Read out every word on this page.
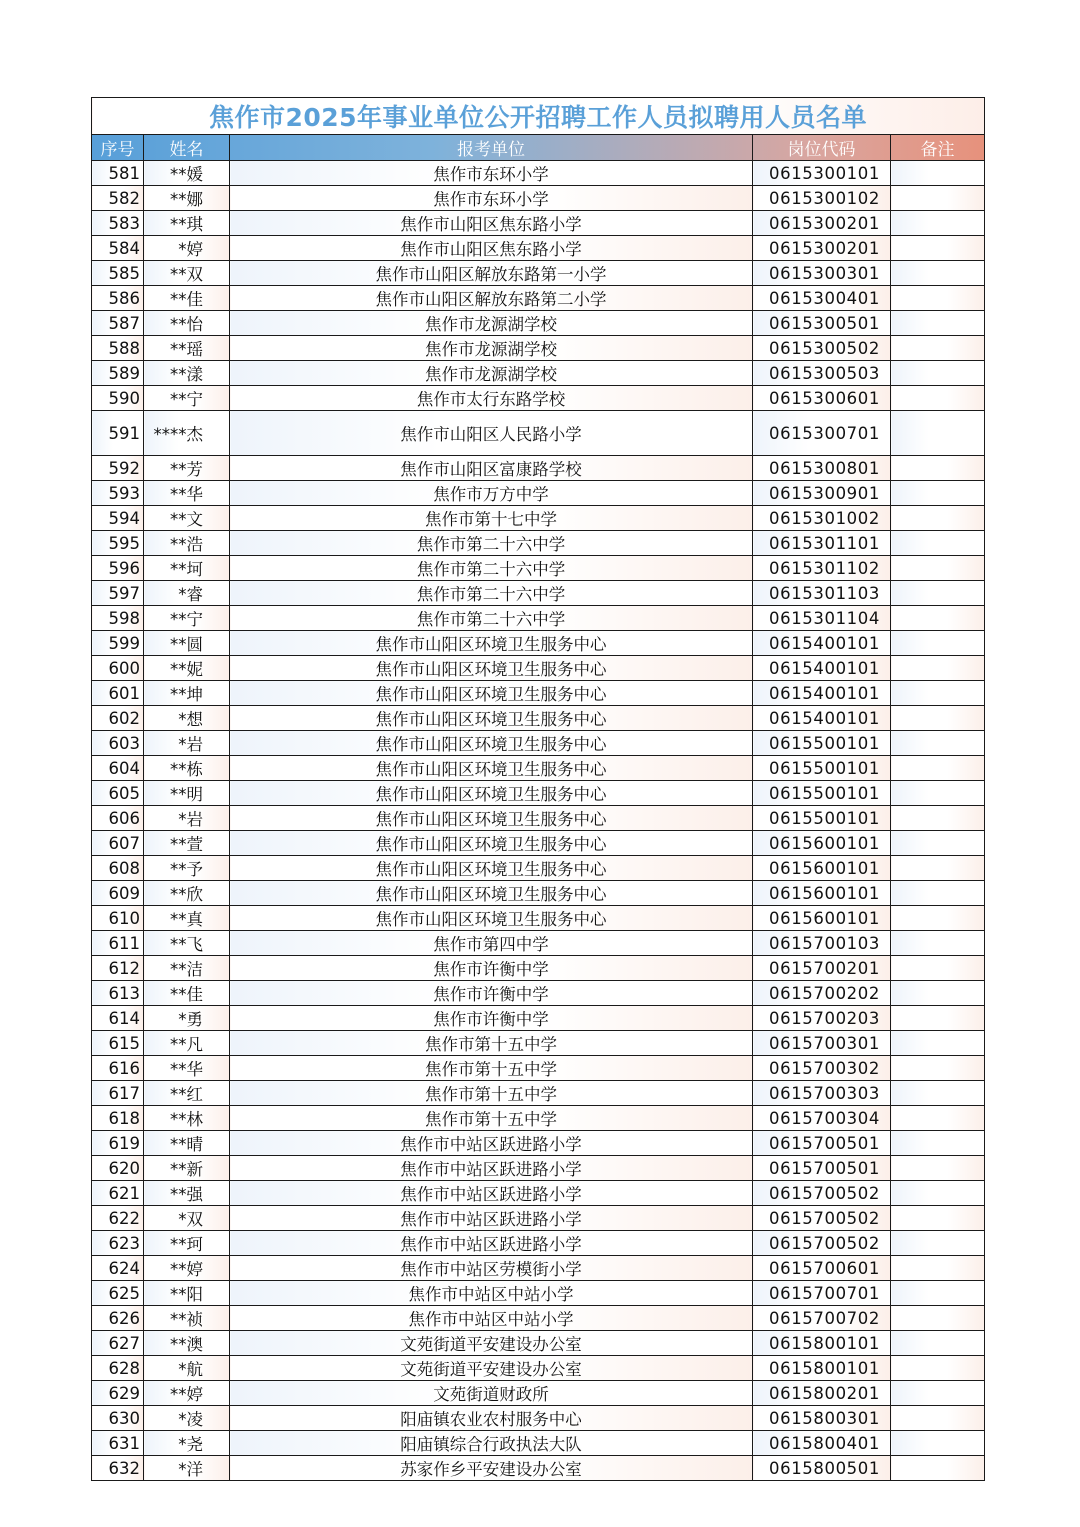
焦作市2025年事业单位公开招聘工作人员拟聘用人员名单				
序号	姓名	报考单位	岗位代码	备注
581	**媛	焦作市东环小学	0615300101	
582	**娜	焦作市东环小学	0615300102	
583	**琪	焦作市山阳区焦东路小学	0615300201	
584	*婷	焦作市山阳区焦东路小学	0615300201	
585	**双	焦作市山阳区解放东路第一小学	0615300301	
586	**佳	焦作市山阳区解放东路第二小学	0615300401	
587	**怡	焦作市龙源湖学校	0615300501	
588	**瑶	焦作市龙源湖学校	0615300502	
589	**漾	焦作市龙源湖学校	0615300503	
590	**宁	焦作市太行东路学校	0615300601	
591	****杰	焦作市山阳区人民路小学	0615300701	
592	**芳	焦作市山阳区富康路学校	0615300801	
593	**华	焦作市万方中学	0615300901	
594	**文	焦作市第十七中学	0615301002	
595	**浩	焦作市第二十六中学	0615301101	
596	**坷	焦作市第二十六中学	0615301102	
597	*睿	焦作市第二十六中学	0615301103	
598	**宁	焦作市第二十六中学	0615301104	
599	**圆	焦作市山阳区环境卫生服务中心	0615400101	
600	**妮	焦作市山阳区环境卫生服务中心	0615400101	
601	**坤	焦作市山阳区环境卫生服务中心	0615400101	
602	*想	焦作市山阳区环境卫生服务中心	0615400101	
603	*岩	焦作市山阳区环境卫生服务中心	0615500101	
604	**栋	焦作市山阳区环境卫生服务中心	0615500101	
605	**明	焦作市山阳区环境卫生服务中心	0615500101	
606	*岩	焦作市山阳区环境卫生服务中心	0615500101	
607	**萱	焦作市山阳区环境卫生服务中心	0615600101	
608	**予	焦作市山阳区环境卫生服务中心	0615600101	
609	**欣	焦作市山阳区环境卫生服务中心	0615600101	
610	**真	焦作市山阳区环境卫生服务中心	0615600101	
611	**飞	焦作市第四中学	0615700103	
612	**洁	焦作市许衡中学	0615700201	
613	**佳	焦作市许衡中学	0615700202	
614	*勇	焦作市许衡中学	0615700203	
615	**凡	焦作市第十五中学	0615700301	
616	**华	焦作市第十五中学	0615700302	
617	**红	焦作市第十五中学	0615700303	
618	**林	焦作市第十五中学	0615700304	
619	**晴	焦作市中站区跃进路小学	0615700501	
620	**新	焦作市中站区跃进路小学	0615700501	
621	**强	焦作市中站区跃进路小学	0615700502	
622	*双	焦作市中站区跃进路小学	0615700502	
623	**珂	焦作市中站区跃进路小学	0615700502	
624	**婷	焦作市中站区劳模街小学	0615700601	
625	**阳	焦作市中站区中站小学	0615700701	
626	**祯	焦作市中站区中站小学	0615700702	
627	**澳	文苑街道平安建设办公室	0615800101	
628	*航	文苑街道平安建设办公室	0615800101	
629	**婷	文苑街道财政所	0615800201	
630	*凌	阳庙镇农业农村服务中心	0615800301	
631	*尧	阳庙镇综合行政执法大队	0615800401	
632	*洋	苏家作乡平安建设办公室	0615800501	
